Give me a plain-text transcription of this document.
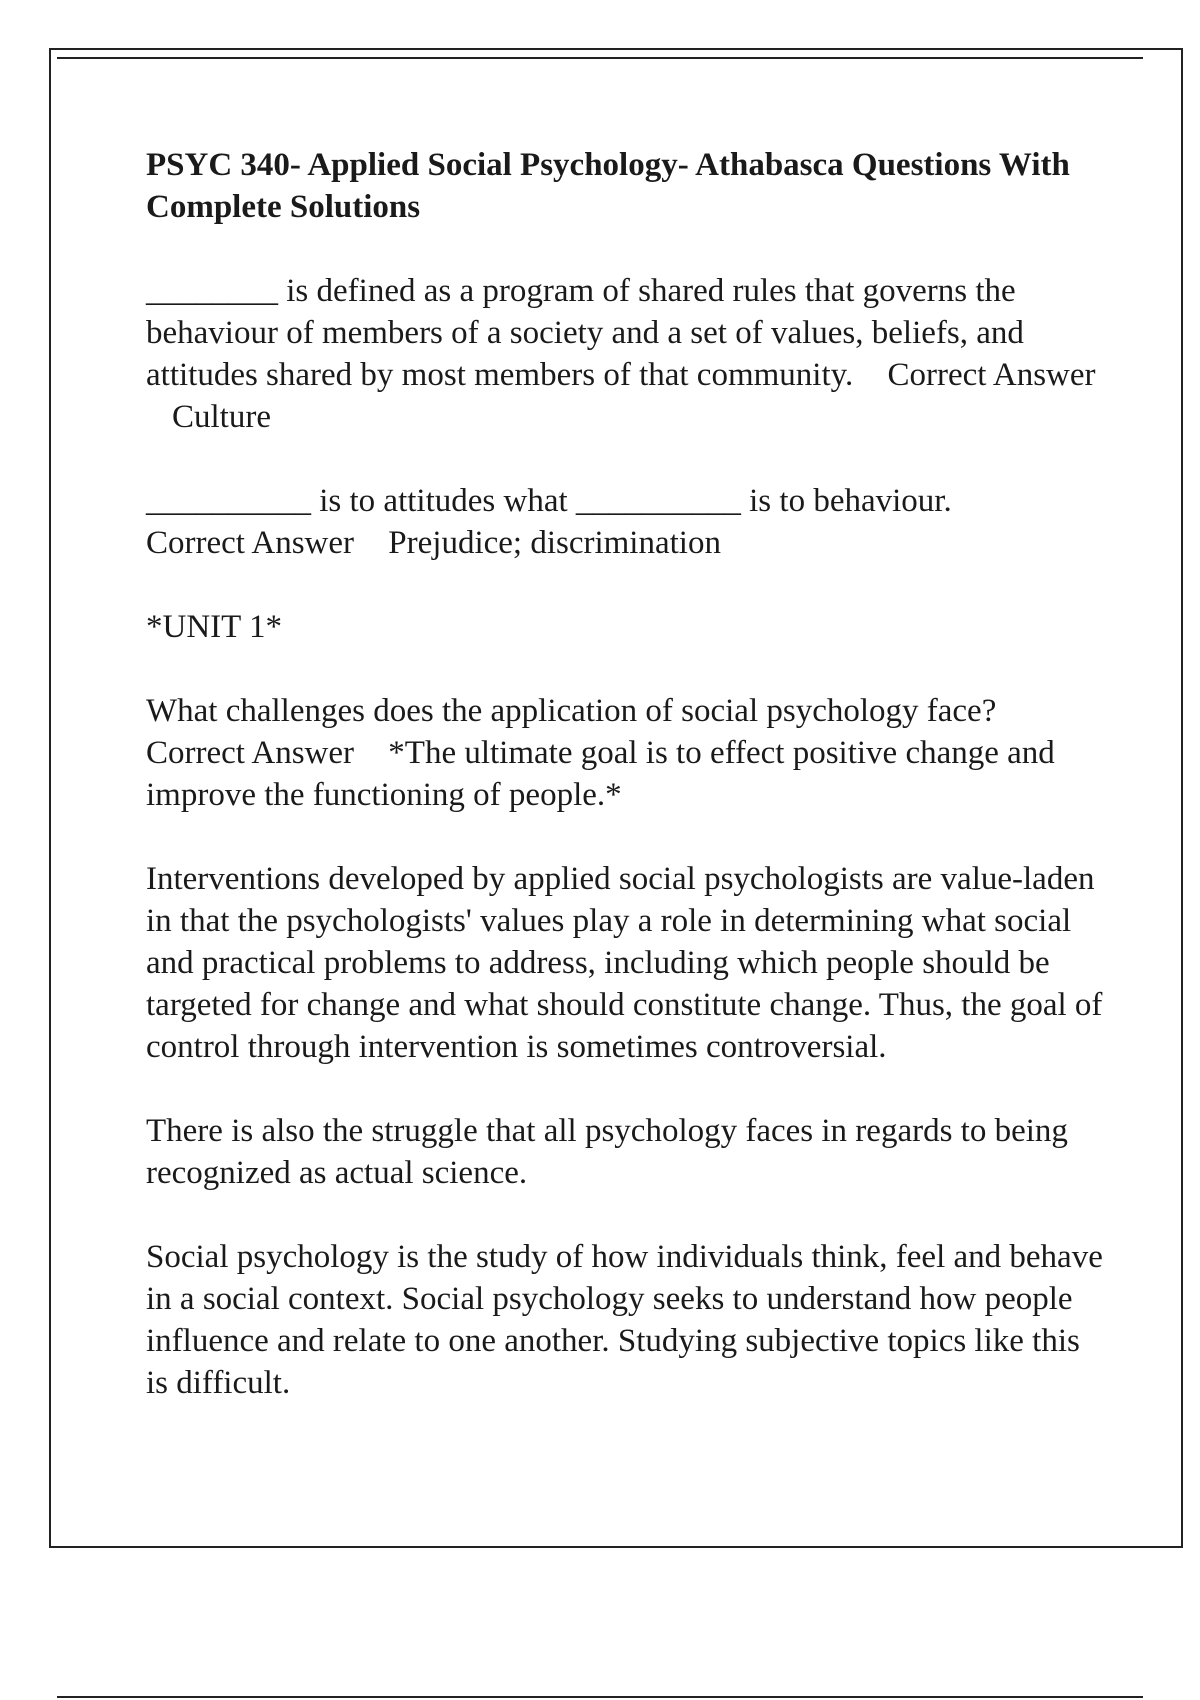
PSYC 340- Applied Social Psychology- Athabasca Questions With Complete Solutions

________ is defined as a program of shared rules that governs the behaviour of members of a society and a set of values, beliefs, and attitudes shared by most members of that community. Correct Answer Culture

__________ is to attitudes what __________ is to behaviour.
Correct Answer Prejudice; discrimination

*UNIT 1*

What challenges does the application of social psychology face?
Correct Answer *The ultimate goal is to effect positive change and improve the functioning of people.*

Interventions developed by applied social psychologists are value-laden in that the psychologists' values play a role in determining what social and practical problems to address, including which people should be targeted for change and what should constitute change. Thus, the goal of control through intervention is sometimes controversial.

There is also the struggle that all psychology faces in regards to being recognized as actual science.

Social psychology is the study of how individuals think, feel and behave in a social context. Social psychology seeks to understand how people influence and relate to one another. Studying subjective topics like this is difficult.
